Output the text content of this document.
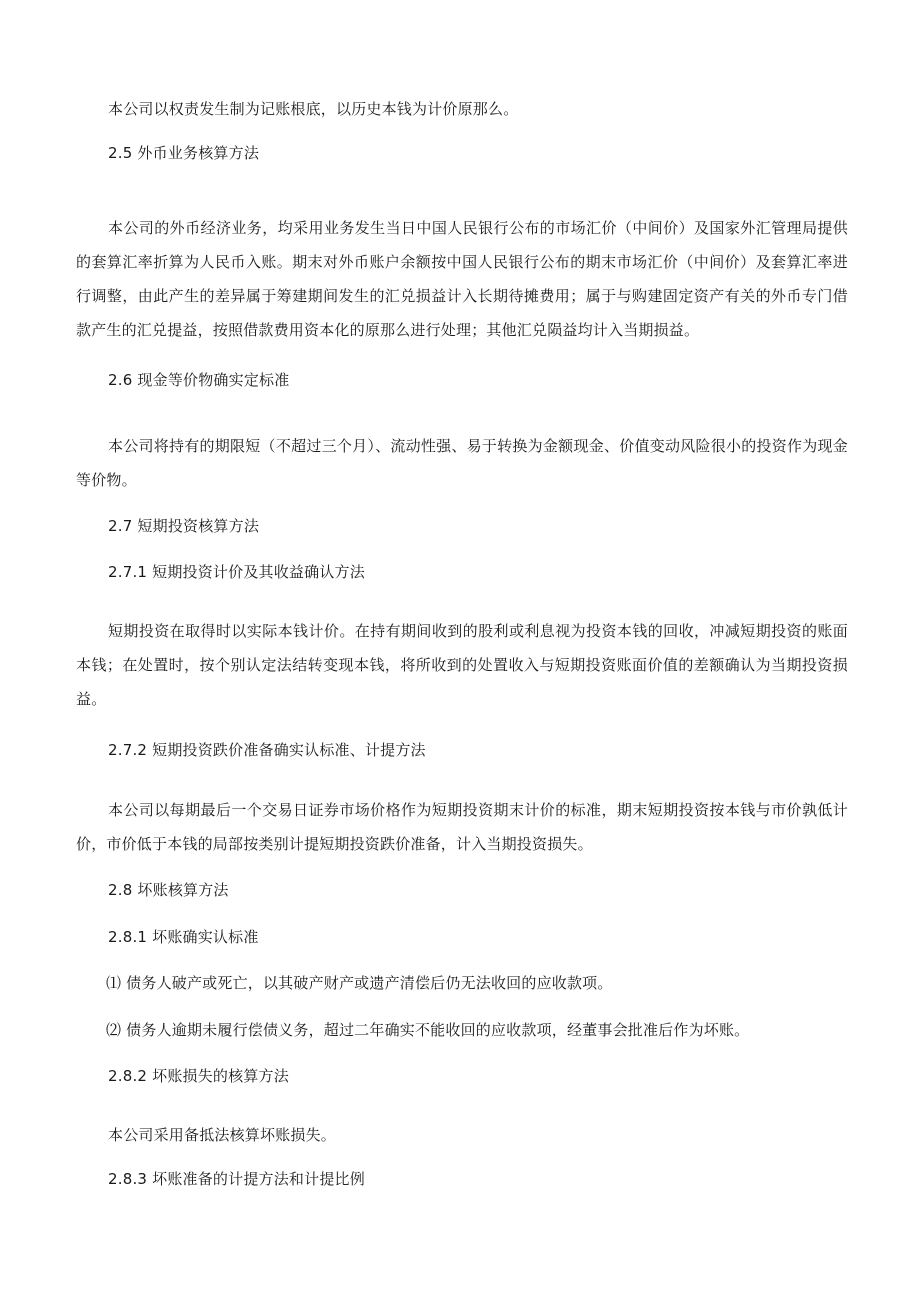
本公司以权责发生制为记账根底，以历史本钱为计价原那么。

2.5 外币业务核算方法

本公司的外币经济业务，均采用业务发生当日中国人民银行公布的市场汇价（中间价）及国家外汇管理局提供的套算汇率折算为人民币入账。期末对外币账户余额按中国人民银行公布的期末市场汇价（中间价）及套算汇率进行调整，由此产生的差异属于筹建期间发生的汇兑损益计入长期待摊费用；属于与购建固定资产有关的外币专门借款产生的汇兑提益，按照借款费用资本化的原那么进行处理；其他汇兑陨益均计入当期损益。

2.6 现金等价物确实定标准

本公司将持有的期限短（不超过三个月）、流动性强、易于转换为金额现金、价值变动风险很小的投资作为现金等价物。

2.7 短期投资核算方法

2.7.1 短期投资计价及其收益确认方法

短期投资在取得时以实际本钱计价。在持有期间收到的股利或利息视为投资本钱的回收，冲减短期投资的账面本钱；在处置时，按个别认定法结转变现本钱，将所收到的处置收入与短期投资账面价值的差额确认为当期投资损益。

2.7.2 短期投资跌价准备确实认标准、计提方法

本公司以每期最后一个交易日证券市场价格作为短期投资期末计价的标准，期末短期投资按本钱与市价孰低计价，市价低于本钱的局部按类别计提短期投资跌价准备，计入当期投资损失。

2.8 坏账核算方法

2.8.1 坏账确实认标准

⑴ 债务人破产或死亡，以其破产财产或遗产清偿后仍无法收回的应收款项。

⑵ 债务人逾期未履行偿债义务，超过二年确实不能收回的应收款项，经董事会批准后作为坏账。

2.8.2 坏账损失的核算方法

本公司采用备抵法核算坏账损失。

2.8.3 坏账准备的计提方法和计提比例
